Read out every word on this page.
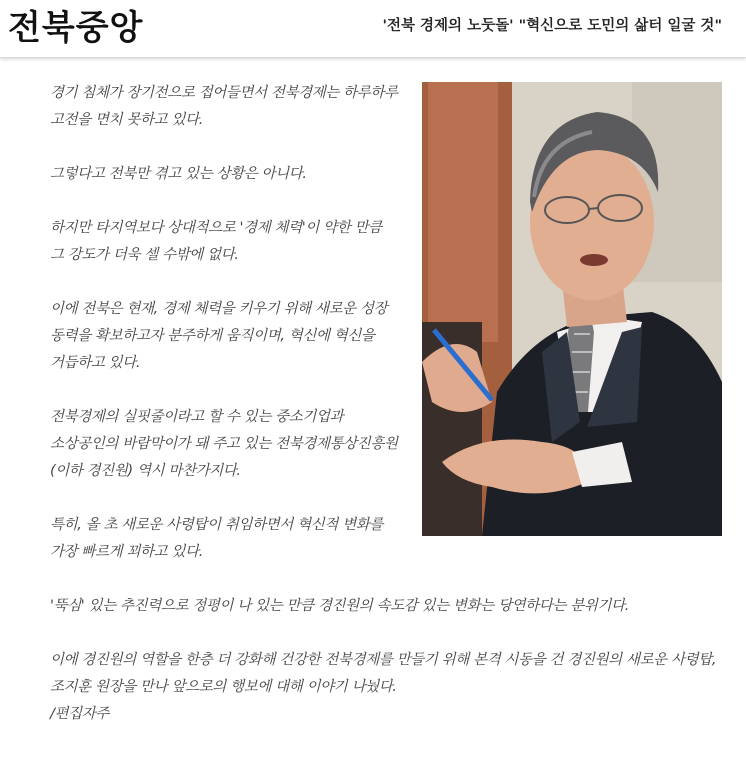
전북중앙	'전북 경제의 노둣돌' "혁신으로 도민의 삶터 일굴 것"

경기 침체가 장기전으로 접어들면서 전북경제는 하루하루 고전을 면치 못하고 있다.

그렇다고 전북만 겪고 있는 상황은 아니다.

하지만 타지역보다 상대적으로 '경제 체력'이 약한 만큼 그 강도가 더욱 셀 수밖에 없다.

이에 전북은 현재, 경제 체력을 키우기 위해 새로운 성장 동력을 확보하고자 분주하게 움직이며, 혁신에 혁신을 거듭하고 있다.

전북경제의 실핏줄이라고 할 수 있는 중소기업과 소상공인의 바람막이가 돼 주고 있는 전북경제통상진흥원(이하 경진원) 역시 마찬가지다.

특히, 올 초 새로운 사령탑이 취임하면서 혁신적 변화를 가장 빠르게 꾀하고 있다.

'뚝심' 있는 추진력으로 정평이 나 있는 만큼 경진원의 속도감 있는 변화는 당연하다는 분위기다.

이에 경진원의 역할을 한층 더 강화해 건강한 전북경제를 만들기 위해 본격 시동을 건 경진원의 새로운 사령탑, 조지훈 원장을 만나 앞으로의 행보에 대해 이야기 나눴다.

/편집자주
